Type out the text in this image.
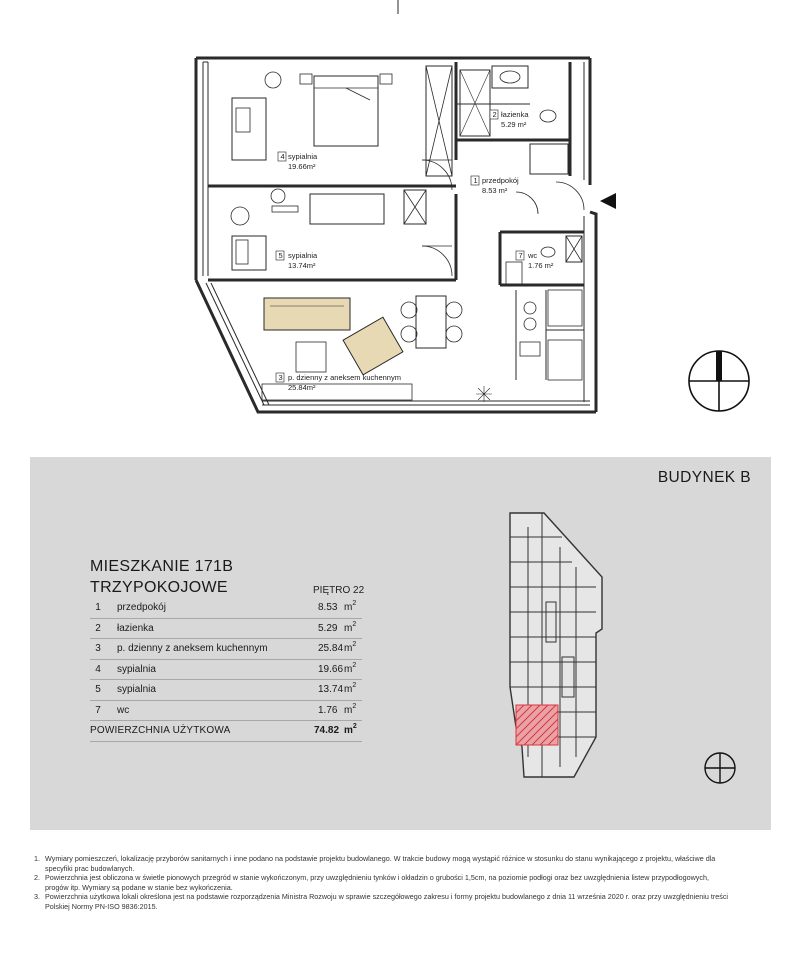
4 sypialnia
19.66m²
2 łazienka
5.29 m²
1 przedpokój
8.53 m²
5 sypialnia
13.74m²
7 wc
1.76 m²
3 p. dzienny z aneksem kuchennym
25.84m²
BUDYNEK B
MIESZKANIE 171B
TRZYPOKOJOWE	PIĘTRO 22
1	przedpokój	8.53 $m^2$
2	łazienka	5.29 $m^2$
3	p. dzienny z aneksem kuchennym	25.84 $m^2$
4	sypialnia	19.66 $m^2$
5	sypialnia	13.74 $m^2$
7	wc	1.76 $m^2$
POWIERZCHNIA UŻYTKOWA	74.82 $m^2$
1. Wymiary pomieszczeń, lokalizację przyborów sanitarnych i inne podano na podstawie projektu budowlanego. W trakcie budowy mogą wystąpić różnice w stosunku do stanu wynikającego z projektu, właściwe dla specyfiki prac budowlanych.
2. Powierzchnia jest obliczona w świetle pionowych przegród w stanie wykończonym, przy uwzględnieniu tynków i okładzin o grubości 1,5cm, na poziomie podłogi oraz bez uwzględnienia listew przypodłogowych, progów itp. Wymiary są podane w stanie bez wykończenia.
3. Powierzchnia użytkowa lokali określona jest na podstawie rozporządzenia Ministra Rozwoju w sprawie szczegółowego zakresu i formy projektu budowlanego z dnia 11 września 2020 r. oraz przy uwzględnieniu treści Polskiej Normy PN-ISO 9836:2015.
